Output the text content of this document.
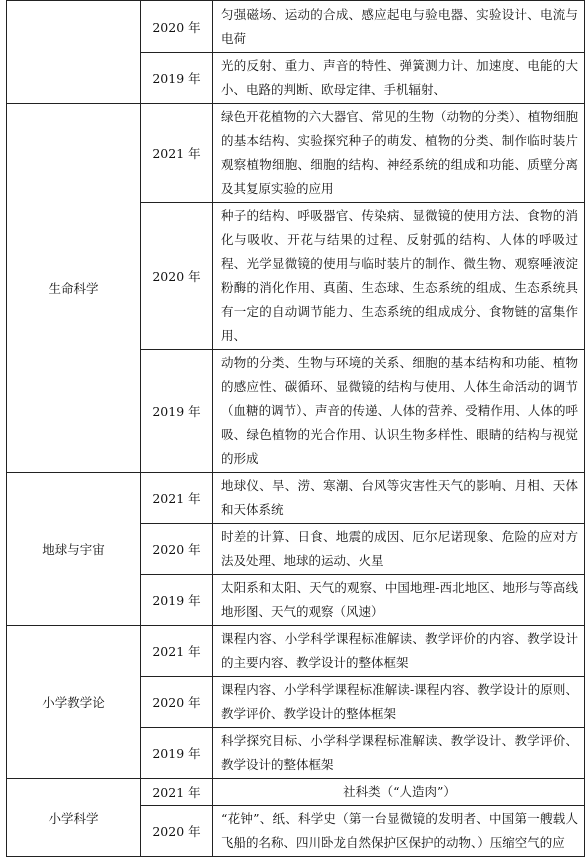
	2020 年	匀强磁场、运动的合成、感应起电与验电器、实验设计、电流与电荷
	2019 年	光的反射、重力、声音的特性、弹簧测力计、加速度、电能的大小、电路的判断、欧母定律、手机辐射、
生命科学	2021 年	绿色开花植物的六大器官、常见的生物（动物的分类）、植物细胞的基本结构、实验探究种子的萌发、植物的分类、制作临时装片观察植物细胞、细胞的结构、神经系统的组成和功能、质壁分离及其复原实验的应用
	2020 年	种子的结构、呼吸器官、传染病、显微镜的使用方法、食物的消化与吸收、开花与结果的过程、反射弧的结构、人体的呼吸过程、光学显微镜的使用与临时装片的制作、微生物、观察唾液淀粉酶的消化作用、真菌、生态球、生态系统的组成、生态系统具有一定的自动调节能力、生态系统的组成成分、食物链的富集作用、
	2019 年	动物的分类、生物与环境的关系、细胞的基本结构和功能、植物的感应性、碳循环、显微镜的结构与使用、人体生命活动的调节（血糖的调节）、声音的传递、人体的营养、受精作用、人体的呼吸、绿色植物的光合作用、认识生物多样性、眼睛的结构与视觉的形成
地球与宇宙	2021 年	地球仪、旱、涝、寒潮、台风等灾害性天气的影响、月相、天体和天体系统
	2020 年	时差的计算、日食、地震的成因、厄尔尼诺现象、危险的应对方法及处理、地球的运动、火星
	2019 年	太阳系和太阳、天气的观察、中国地理-西北地区、地形与等高线地形图、天气的观察（风速）
小学教学论	2021 年	课程内容、小学科学课程标准解读、教学评价的内容、教学设计的主要内容、教学设计的整体框架
	2020 年	课程内容、小学科学课程标准解读-课程内容、教学设计的原则、教学评价、教学设计的整体框架
	2019 年	科学探究目标、小学科学课程标准解读、教学设计、教学评价、教学设计的整体框架
小学科学	2021 年	社科类（“人造肉”）
	2020 年	“花钟”、纸、科学史（第一台显微镜的发明者、中国第一艘载人飞船的名称、四川卧龙自然保护区保护的动物、）压缩空气的应
